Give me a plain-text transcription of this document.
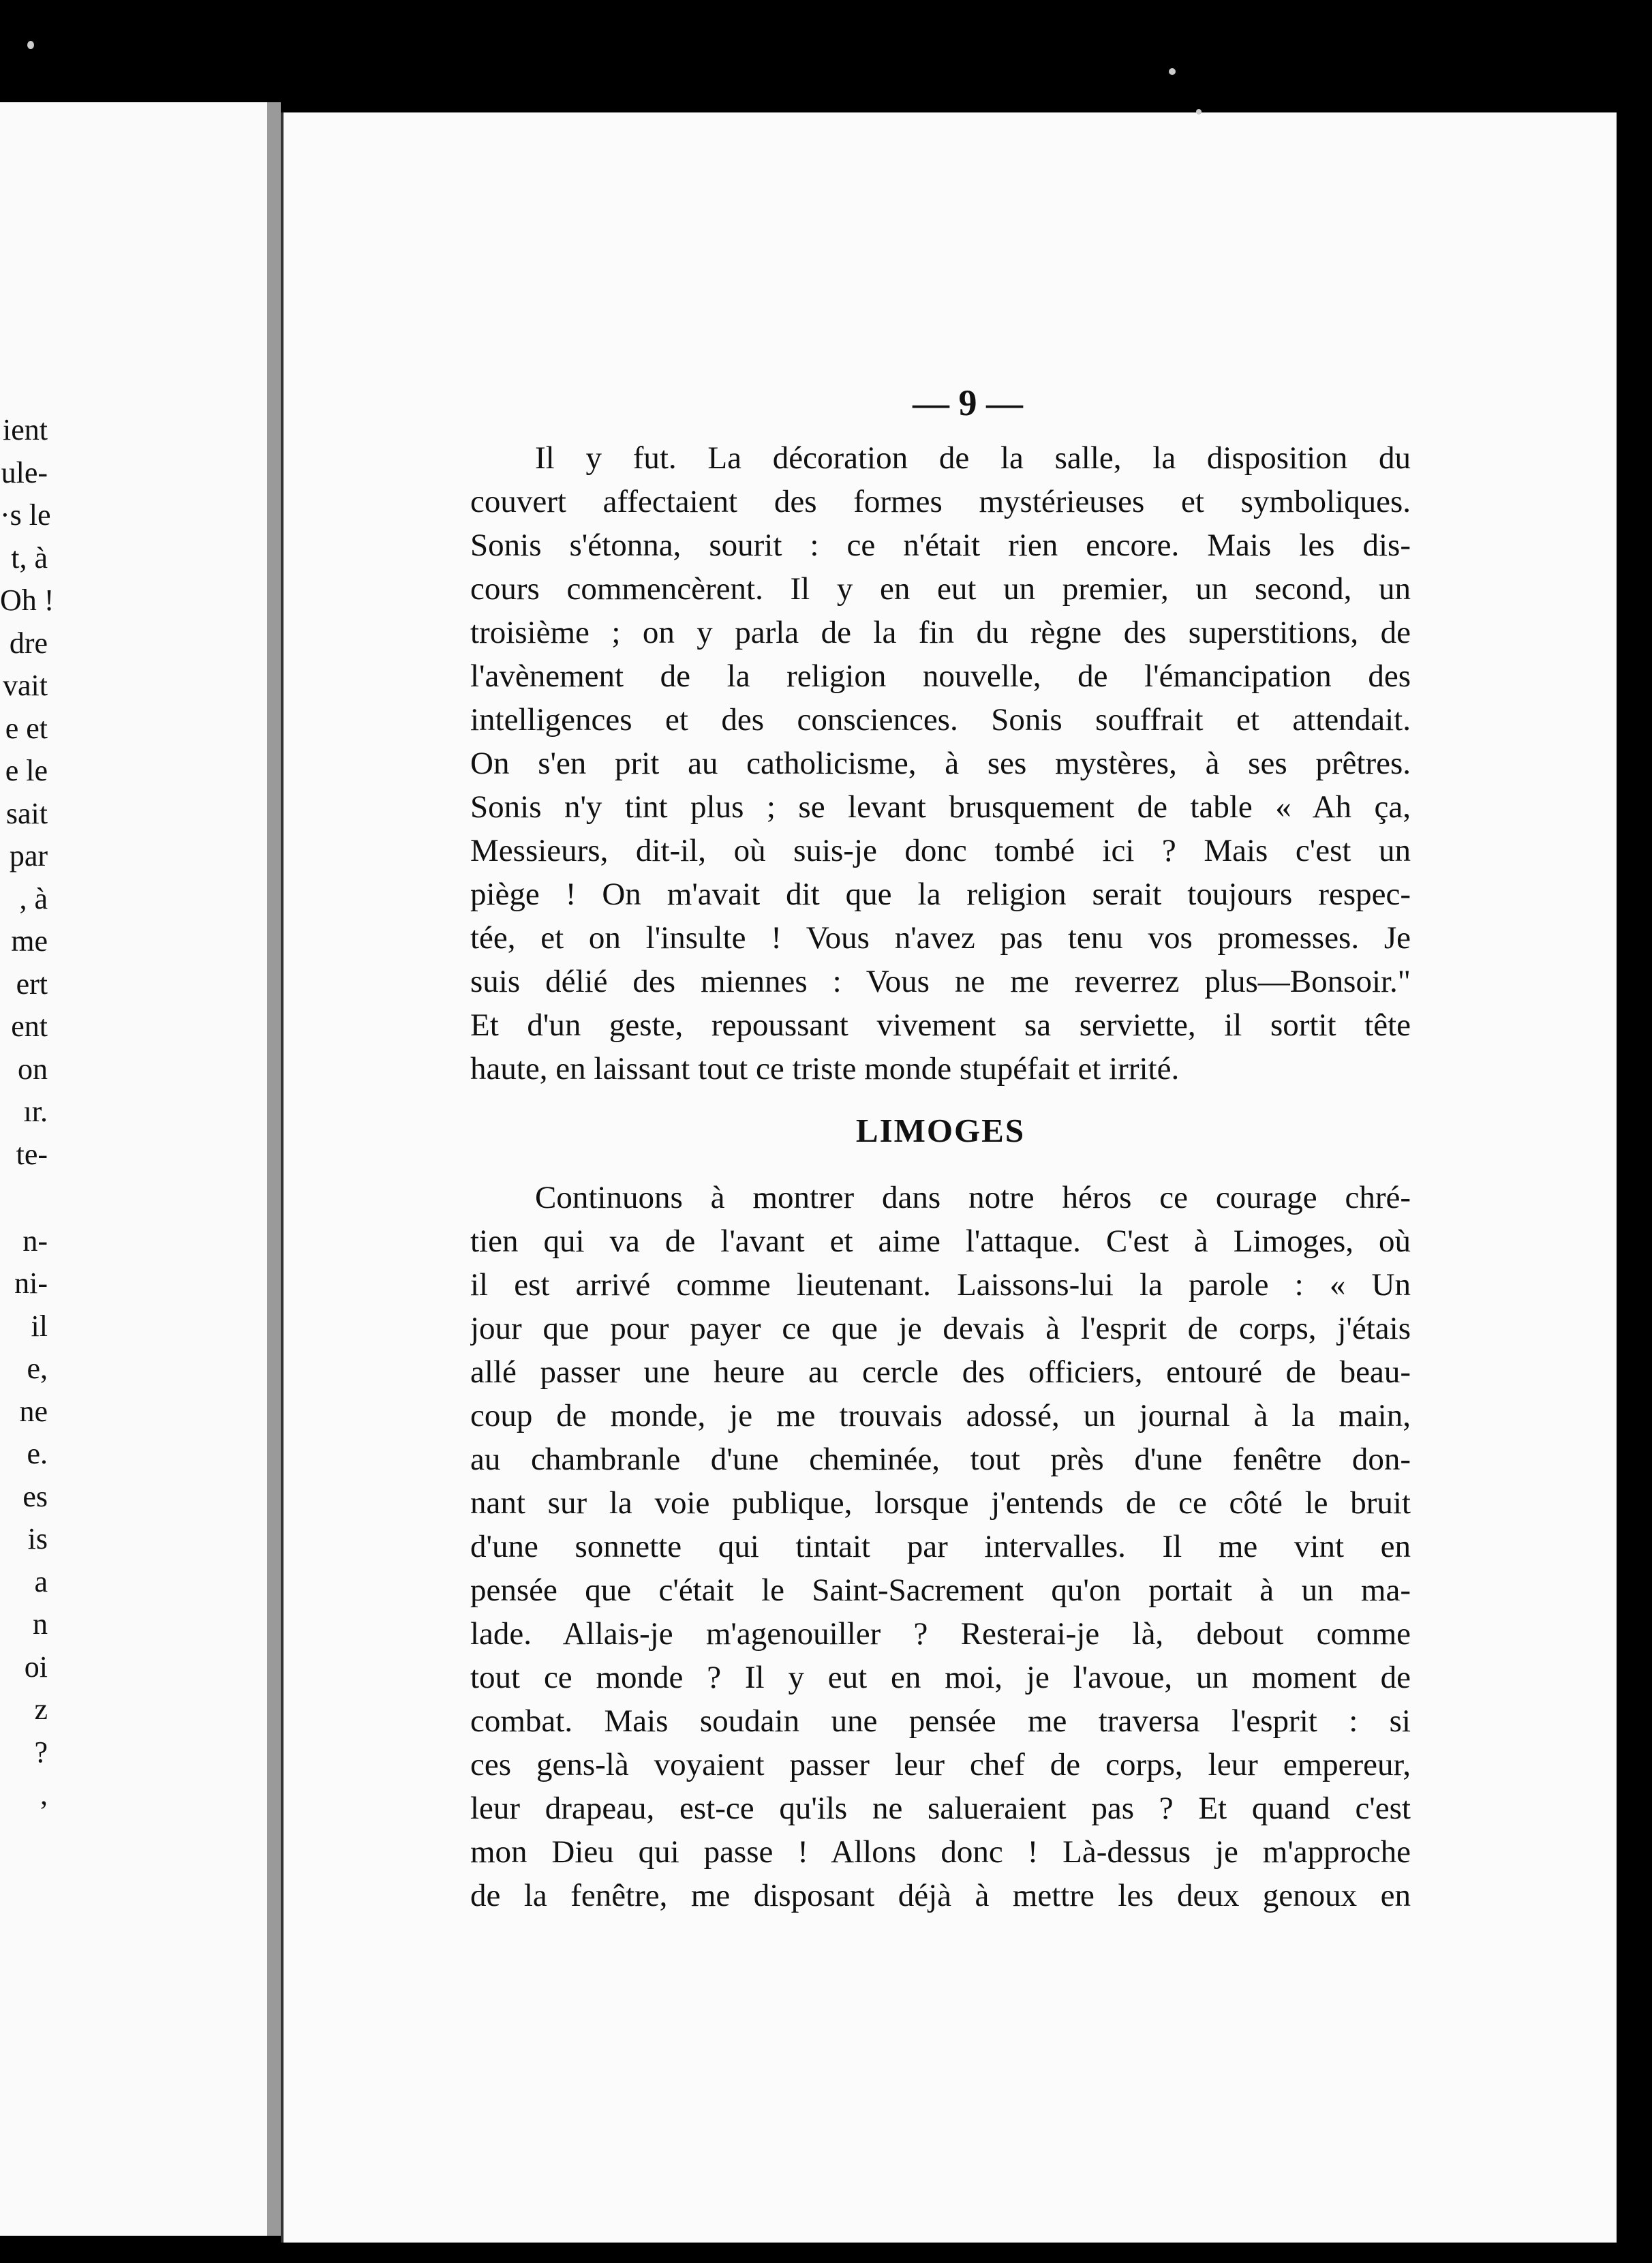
ient
ule-
·s le
t, à
Oh !
dre
vait
e et
e le
sait
par
, à
me
ert
ent
on
ır.
te-
n-
ni-
il
e,
ne
e.
es
is
a
n
oi
z
?
,
— 9 —
Il y fut. La décoration de la salle, la disposition du
couvert affectaient des formes mystérieuses et symboliques.
Sonis s'étonna, sourit : ce n'était rien encore. Mais les dis-
cours commencèrent. Il y en eut un premier, un second, un
troisième ; on y parla de la fin du règne des superstitions, de
l'avènement de la religion nouvelle, de l'émancipation des
intelligences et des consciences. Sonis souffrait et attendait.
On s'en prit au catholicisme, à ses mystères, à ses prêtres.
Sonis n'y tint plus ; se levant brusquement de table « Ah ça,
Messieurs, dit-il, où suis-je donc tombé ici ? Mais c'est un
piège ! On m'avait dit que la religion serait toujours respec-
tée, et on l'insulte ! Vous n'avez pas tenu vos promesses. Je
suis délié des miennes : Vous ne me reverrez plus—Bonsoir."
Et d'un geste, repoussant vivement sa serviette, il sortit tête
haute, en laissant tout ce triste monde stupéfait et irrité.
LIMOGES
Continuons à montrer dans notre héros ce courage chré-
tien qui va de l'avant et aime l'attaque. C'est à Limoges, où
il est arrivé comme lieutenant. Laissons-lui la parole : « Un
jour que pour payer ce que je devais à l'esprit de corps, j'étais
allé passer une heure au cercle des officiers, entouré de beau-
coup de monde, je me trouvais adossé, un journal à la main,
au chambranle d'une cheminée, tout près d'une fenêtre don-
nant sur la voie publique, lorsque j'entends de ce côté le bruit
d'une sonnette qui tintait par intervalles. Il me vint en
pensée que c'était le Saint-Sacrement qu'on portait à un ma-
lade. Allais-je m'agenouiller ? Resterai-je là, debout comme
tout ce monde ? Il y eut en moi, je l'avoue, un moment de
combat. Mais soudain une pensée me traversa l'esprit : si
ces gens-là voyaient passer leur chef de corps, leur empereur,
leur drapeau, est-ce qu'ils ne salueraient pas ? Et quand c'est
mon Dieu qui passe ! Allons donc ! Là-dessus je m'approche
de la fenêtre, me disposant déjà à mettre les deux genoux en
